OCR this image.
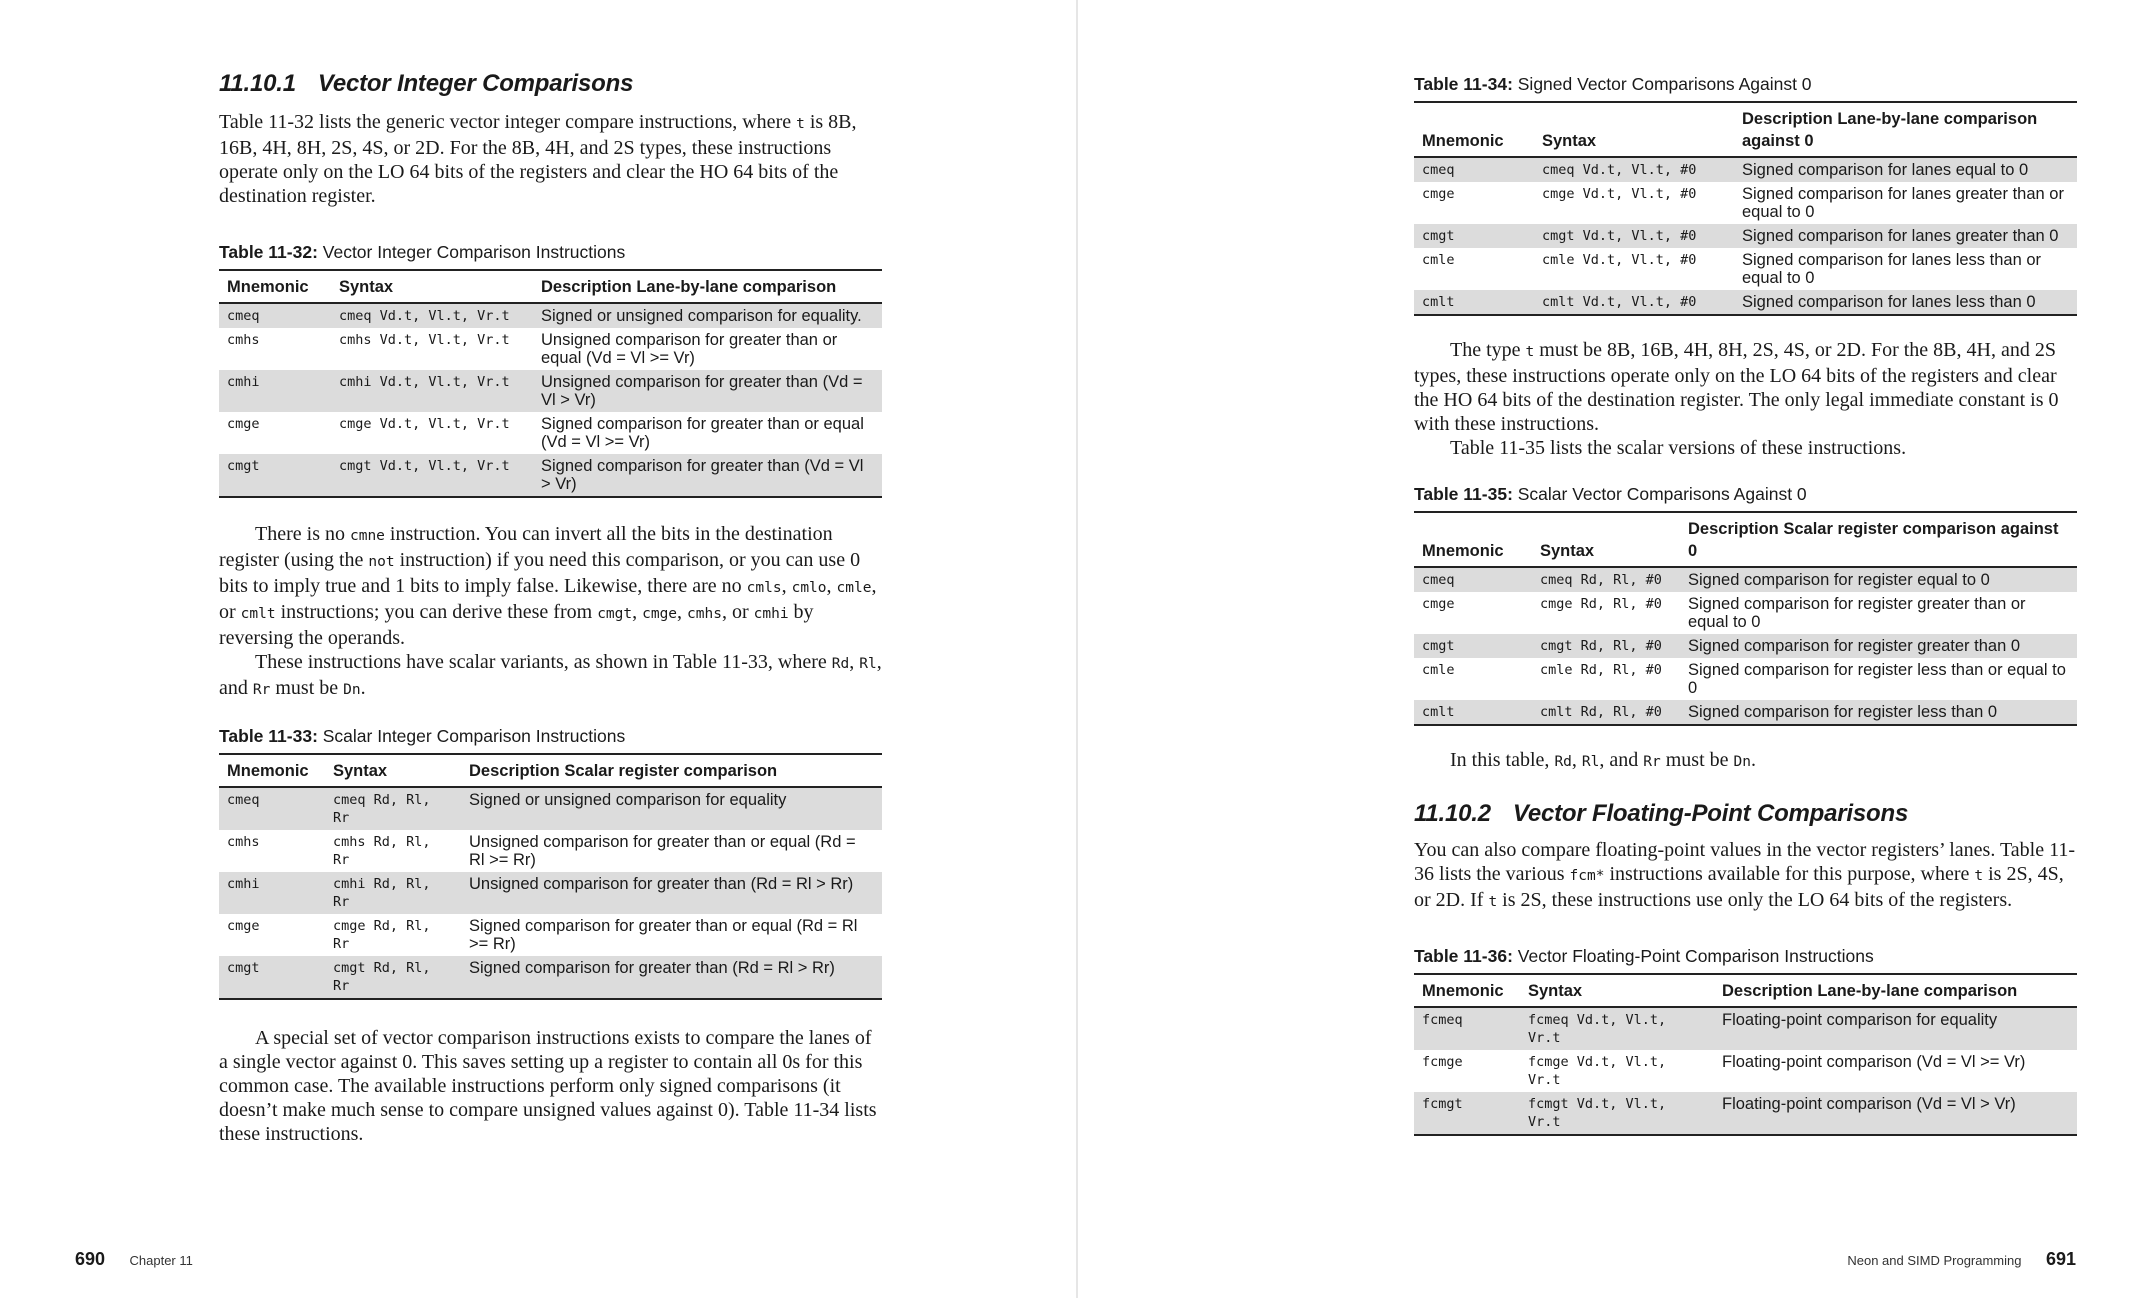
11.10.1 Vector Integer Comparisons

Table 11-32 lists the generic vector integer compare instructions, where t is 8B, 16B, 4H, 8H, 2S, 4S, or 2D. For the 8B, 4H, and 2S types, these instructions operate only on the LO 64 bits of the registers and clear the HO 64 bits of the destination register.

Table 11-32: Vector Integer Comparison Instructions

Mnemonic	Syntax	Description Lane-by-lane comparison
cmeq	cmeq Vd.t, Vl.t, Vr.t	Signed or unsigned comparison for equality.
cmhs	cmhs Vd.t, Vl.t, Vr.t	Unsigned comparison for greater than or equal (Vd = Vl >= Vr)
cmhi	cmhi Vd.t, Vl.t, Vr.t	Unsigned comparison for greater than (Vd = Vl > Vr)
cmge	cmge Vd.t, Vl.t, Vr.t	Signed comparison for greater than or equal (Vd = Vl >= Vr)
cmgt	cmgt Vd.t, Vl.t, Vr.t	Signed comparison for greater than (Vd = Vl > Vr)

There is no cmne instruction. You can invert all the bits in the destination register (using the not instruction) if you need this comparison, or you can use 0 bits to imply true and 1 bits to imply false. Likewise, there are no cmls, cmlo, cmle, or cmlt instructions; you can derive these from cmgt, cmge, cmhs, or cmhi by reversing the operands.

These instructions have scalar variants, as shown in Table 11-33, where Rd, Rl, and Rr must be Dn.

Table 11-33: Scalar Integer Comparison Instructions

Mnemonic	Syntax	Description Scalar register comparison
cmeq	cmeq Rd, Rl, Rr	Signed or unsigned comparison for equality
cmhs	cmhs Rd, Rl, Rr	Unsigned comparison for greater than or equal (Rd = Rl >= Rr)
cmhi	cmhi Rd, Rl, Rr	Unsigned comparison for greater than (Rd = Rl > Rr)
cmge	cmge Rd, Rl, Rr	Signed comparison for greater than or equal (Rd = Rl >= Rr)
cmgt	cmgt Rd, Rl, Rr	Signed comparison for greater than (Rd = Rl > Rr)

A special set of vector comparison instructions exists to compare the lanes of a single vector against 0. This saves setting up a register to contain all 0s for this common case. The available instructions perform only signed comparisons (it doesn’t make much sense to compare unsigned values against 0). Table 11-34 lists these instructions.

690 Chapter 11

Table 11-34: Signed Vector Comparisons Against 0

Mnemonic	Syntax	Description Lane-by-lane comparison against 0
cmeq	cmeq Vd.t, Vl.t, #0	Signed comparison for lanes equal to 0
cmge	cmge Vd.t, Vl.t, #0	Signed comparison for lanes greater than or equal to 0
cmgt	cmgt Vd.t, Vl.t, #0	Signed comparison for lanes greater than 0
cmle	cmle Vd.t, Vl.t, #0	Signed comparison for lanes less than or equal to 0
cmlt	cmlt Vd.t, Vl.t, #0	Signed comparison for lanes less than 0

The type t must be 8B, 16B, 4H, 8H, 2S, 4S, or 2D. For the 8B, 4H, and 2S types, these instructions operate only on the LO 64 bits of the registers and clear the HO 64 bits of the destination register. The only legal immediate constant is 0 with these instructions.

Table 11-35 lists the scalar versions of these instructions.

Table 11-35: Scalar Vector Comparisons Against 0

Mnemonic	Syntax	Description Scalar register comparison against 0
cmeq	cmeq Rd, Rl, #0	Signed comparison for register equal to 0
cmge	cmge Rd, Rl, #0	Signed comparison for register greater than or equal to 0
cmgt	cmgt Rd, Rl, #0	Signed comparison for register greater than 0
cmle	cmle Rd, Rl, #0	Signed comparison for register less than or equal to 0
cmlt	cmlt Rd, Rl, #0	Signed comparison for register less than 0

In this table, Rd, Rl, and Rr must be Dn.

11.10.2 Vector Floating-Point Comparisons

You can also compare floating-point values in the vector registers’ lanes. Table 11-36 lists the various fcm* instructions available for this purpose, where t is 2S, 4S, or 2D. If t is 2S, these instructions use only the LO 64 bits of the registers.

Table 11-36: Vector Floating-Point Comparison Instructions

Mnemonic	Syntax	Description Lane-by-lane comparison
fcmeq	fcmeq Vd.t, Vl.t, Vr.t	Floating-point comparison for equality
fcmge	fcmge Vd.t, Vl.t, Vr.t	Floating-point comparison (Vd = Vl >= Vr)
fcmgt	fcmgt Vd.t, Vl.t, Vr.t	Floating-point comparison (Vd = Vl > Vr)
Neon and SIMD Programming 691
